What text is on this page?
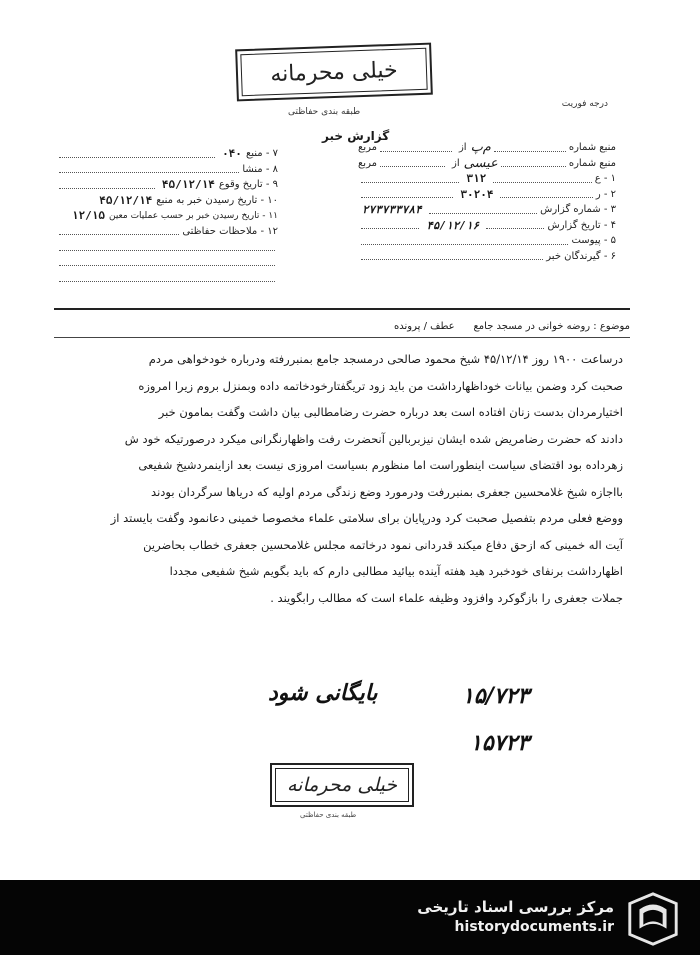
خیلی محرمانه
طبقه بندی حفاظتی
درجه فوریت
گزارش خبر
منبع شماره
م‌پ
از
مربع
منبع شماره
عیسی
از
مربع
۱ - ع
۳۱۲
۲ - ر
۳۰۲۰۴
۳ - شماره گزارش
۲۷۳۷۳۳۷۸۴
۴ - تاریخ گزارش
۴۵/۱۲/۱۶
۵ - پیوست
۶ - گیرندگان خبر
۷ - منبع
۰۴۰
۸ - منشا
۹ - تاریخ وقوع
۴۵/۱۲/۱۴
۱۰ - تاریخ رسیدن خبر به منبع
۴۵/۱۲/۱۴
۱۱ - تاریخ رسیدن خبر بر حسب عملیات معین
۱۲/۱۵
۱۲ - ملاحظات حفاظتی
موضوع : روضه خوانی در مسجد جامع
عطف / پرونده

درساعت ۱۹۰۰ روز ۴۵/۱۲/۱۴ شیخ محمود صالحی درمسجد جامع بمنبررفته ودرباره خودخواهی مردم

صحبت کرد وضمن بیانات خوداظهارداشت من باید زود تریگفتارخودخاتمه داده وبمنزل بروم زیرا امروزه

اختیارمردان بدست زنان افتاده است بعد درباره حضرت رضامطالبی بیان داشت وگفت بمامون خبر

دادند که حضرت رضامریض شده ایشان نیزبربالین آنحضرت رفت واظهارنگرانی میکرد درصورتیکه خود ش

زهرداده بود اقتضای سیاست اینطوراست اما منظورم بسیاست امروزی نیست بعد ازاینمردشیخ شفیعی

بااجازه شیخ غلامحسین جعفری بمنبررفت ودرمورد وضع زندگی مردم اولیه که دریاها سرگردان بودند

ووضع فعلی مردم بتفصیل صحبت کرد ودرپایان برای سلامتی علماء مخصوصا خمینی دعانمود وگفت بایستد از

آیت اله خمینی که ازحق دفاع میکند قدردانی نمود درخاتمه مجلس غلامحسین جعفری خطاب بحاضرین

اظهارداشت برنفای خودخبرد هید هفته آینده بیائید مطالبی دارم که باید بگویم شیخ شفیعی مجددا

جملات جعفری را بازگوکرد وافزود وظیفه علماء است که مطالب رابگویند .

بایگانی شود	۱۵/۷۲۳
۱۵۷۲۳
خیلی محرمانه
طبقه بندی حفاظتی
مرکز بررسی اسناد تاریخی
historydocuments.ir
